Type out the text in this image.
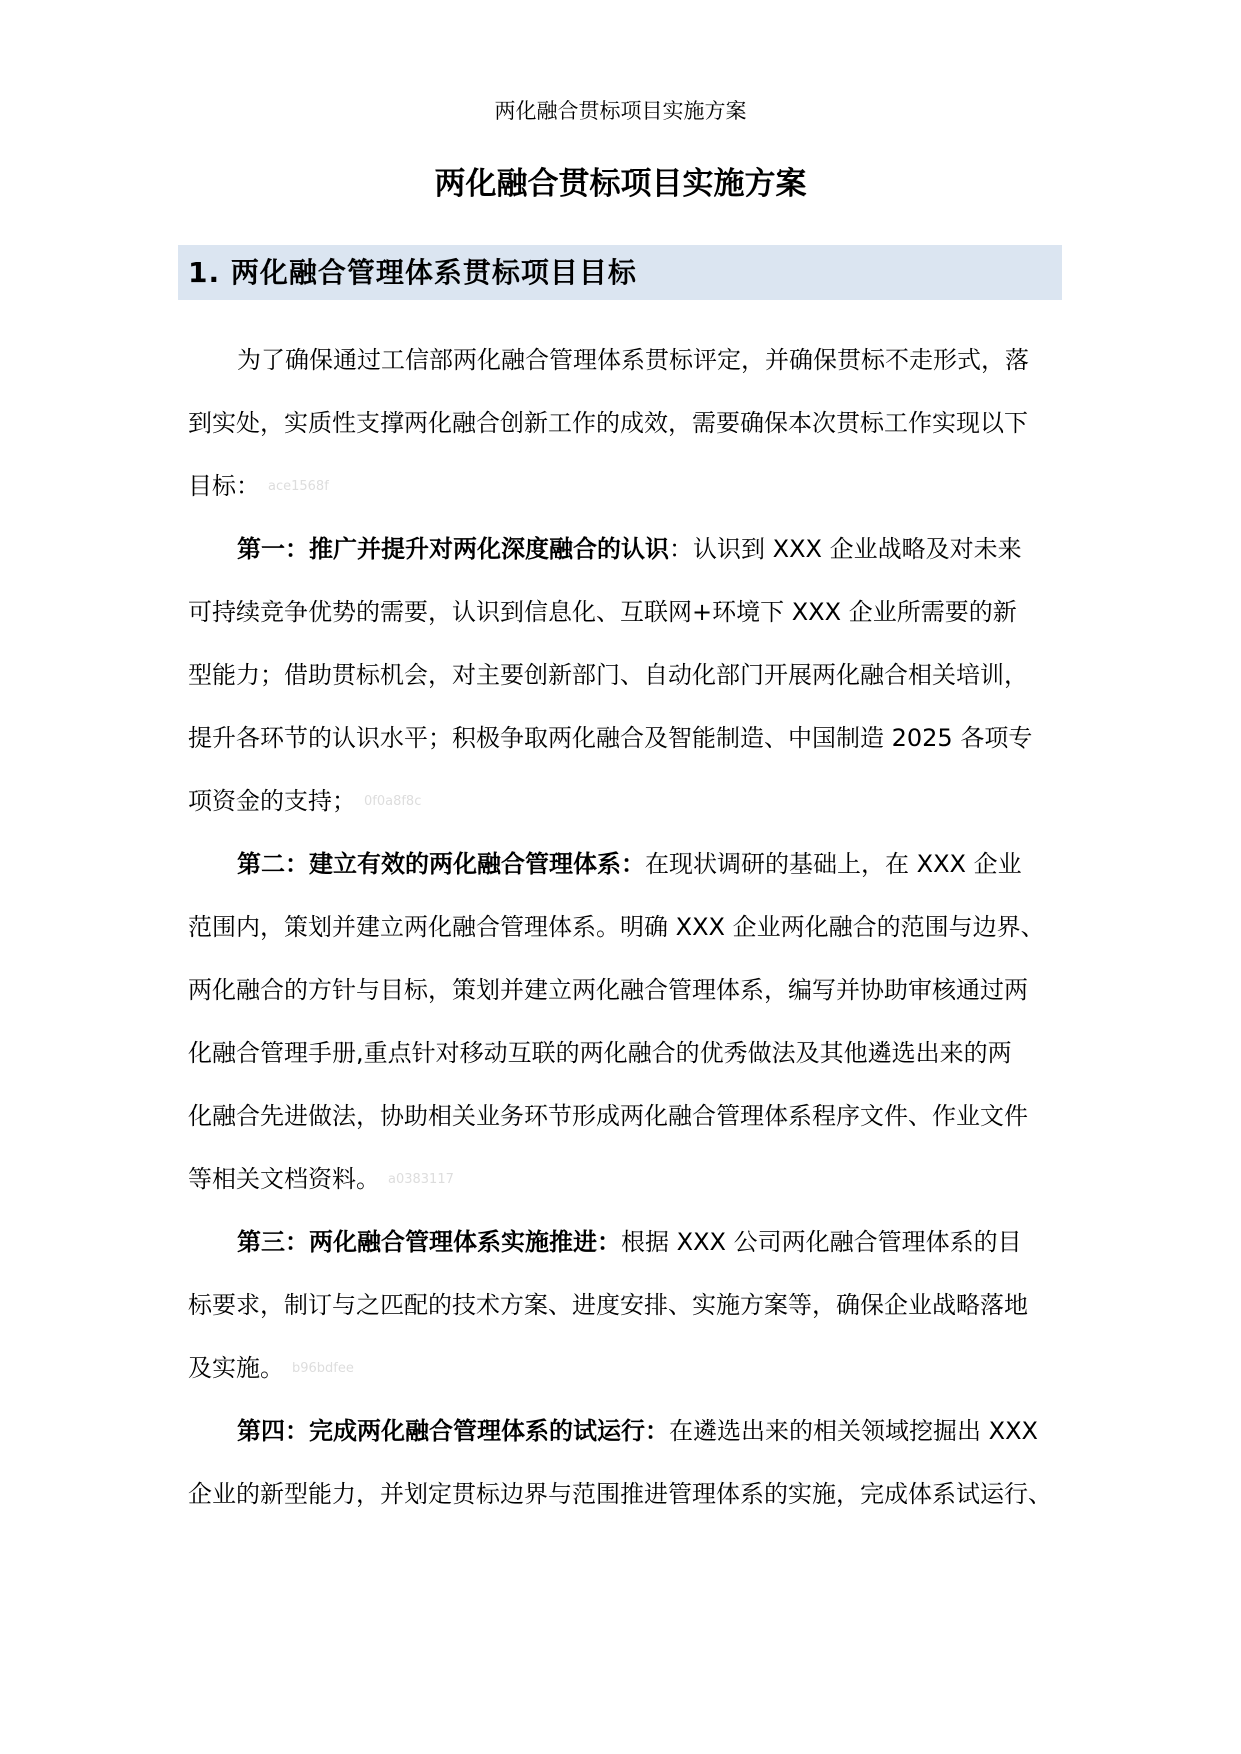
两化融合贯标项目实施方案
两化融合贯标项目实施方案
1. 两化融合管理体系贯标项目目标
为了确保通过工信部两化融合管理体系贯标评定，并确保贯标不走形式，落
到实处，实质性支撑两化融合创新工作的成效，需要确保本次贯标工作实现以下
目标： ace1568f
第一：推广并提升对两化深度融合的认识：认识到 XXX 企业战略及对未来
可持续竞争优势的需要，认识到信息化、互联网+环境下 XXX 企业所需要的新
型能力；借助贯标机会，对主要创新部门、自动化部门开展两化融合相关培训，
提升各环节的认识水平；积极争取两化融合及智能制造、中国制造 2025 各项专
项资金的支持； 0f0a8f8c
第二：建立有效的两化融合管理体系：在现状调研的基础上，在 XXX 企业
范围内，策划并建立两化融合管理体系。明确 XXX 企业两化融合的范围与边界、
两化融合的方针与目标，策划并建立两化融合管理体系，编写并协助审核通过两
化融合管理手册,重点针对移动互联的两化融合的优秀做法及其他遴选出来的两
化融合先进做法，协助相关业务环节形成两化融合管理体系程序文件、作业文件
等相关文档资料。 a0383117
第三：两化融合管理体系实施推进：根据 XXX 公司两化融合管理体系的目
标要求，制订与之匹配的技术方案、进度安排、实施方案等，确保企业战略落地
及实施。 b96bdfee
第四：完成两化融合管理体系的试运行：在遴选出来的相关领域挖掘出 XXX
企业的新型能力，并划定贯标边界与范围推进管理体系的实施，完成体系试运行、
